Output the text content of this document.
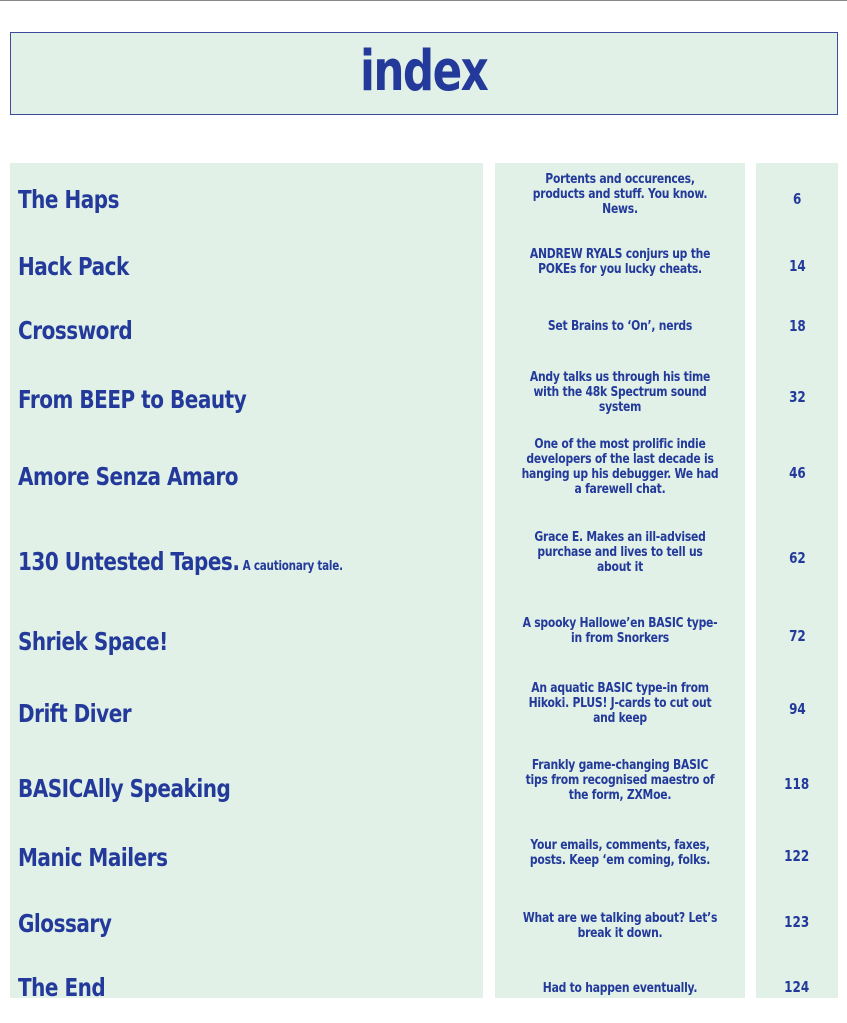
index
The Haps
Hack Pack
Crossword
From BEEP to Beauty
Amore Senza Amaro
130 Untested Tapes. A cautionary tale.
Shriek Space!
Drift Diver
BASICAlly Speaking
Manic Mailers
Glossary
The End
Portents and occurences, products and stuff. You know. News.
ANDREW RYALS conjurs up the POKEs for you lucky cheats.
Set Brains to ‘On’, nerds
Andy talks us through his time with the 48k Spectrum sound system
One of the most prolific indie developers of the last decade is hanging up his debugger. We had a farewell chat.
Grace E. Makes an ill-advised purchase and lives to tell us about it
A spooky Hallowe’en BASIC type-in from Snorkers
An aquatic BASIC type-in from Hikoki. PLUS! J-cards to cut out and keep
Frankly game-changing BASIC tips from recognised maestro of the form, ZXMoe.
Your emails, comments, faxes, posts. Keep ‘em coming, folks.
What are we talking about? Let’s break it down.
Had to happen eventually.
6
14
18
32
46
62
72
94
118
122
123
124
